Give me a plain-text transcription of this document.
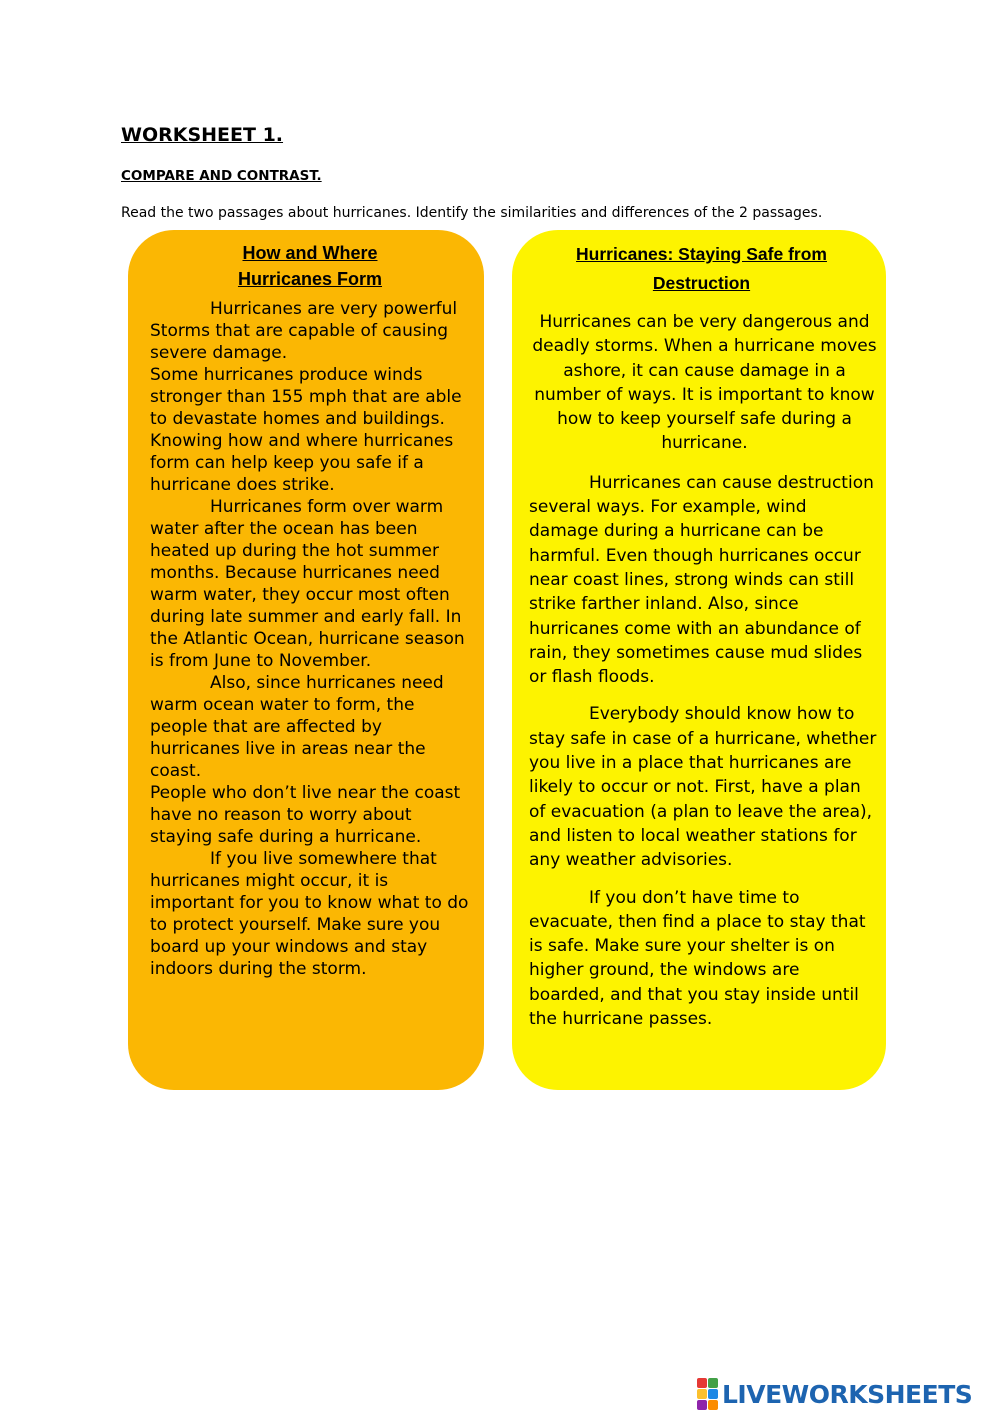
WORKSHEET 1.
COMPARE AND CONTRAST.
Read the two passages about hurricanes. Identify the similarities and differences of the 2 passages.
How and Where
Hurricanes Form

Hurricanes are very powerful Storms that are capable of causing severe damage.

Some hurricanes produce winds stronger than 155 mph that are able to devastate homes and buildings. Knowing how and where hurricanes form can help keep you safe if a hurricane does strike.

Hurricanes form over warm water after the ocean has been heated up during the hot summer months. Because hurricanes need warm water, they occur most often during late summer and early fall. In the Atlantic Ocean, hurricane season is from June to November.

Also, since hurricanes need warm ocean water to form, the people that are affected by hurricanes live in areas near the coast.

People who don’t live near the coast have no reason to worry about staying safe during a hurricane.

If you live somewhere that hurricanes might occur, it is important for you to know what to do to protect yourself. Make sure you board up your windows and stay indoors during the storm.

Hurricanes: Staying Safe from
Destruction

Hurricanes can be very dangerous and deadly storms. When a hurricane moves ashore, it can cause damage in a number of ways. It is important to know how to keep yourself safe during a hurricane.

Hurricanes can cause destruction several ways. For example, wind damage during a hurricane can be harmful. Even though hurricanes occur near coast lines, strong winds can still strike farther inland. Also, since hurricanes come with an abundance of rain, they sometimes cause mud slides or flash floods.

Everybody should know how to stay safe in case of a hurricane, whether you live in a place that hurricanes are likely to occur or not. First, have a plan of evacuation (a plan to leave the area), and listen to local weather stations for any weather advisories.

If you don’t have time to evacuate, then find a place to stay that is safe. Make sure your shelter is on higher ground, the windows are boarded, and that you stay inside until the hurricane passes.

LIVEWORKSHEETS
